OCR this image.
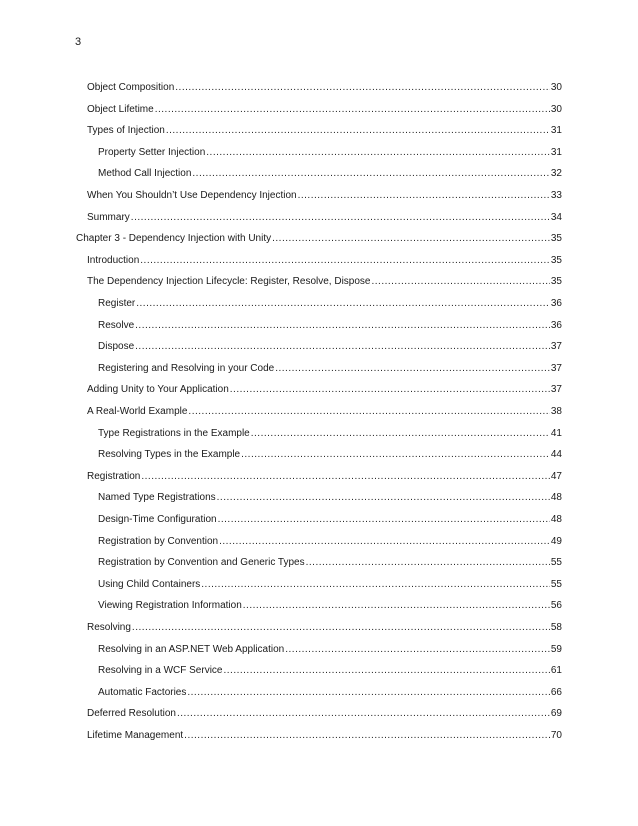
3
Object Composition .....	30
Object Lifetime .....	30
Types of Injection .....	31
Property Setter Injection .....	31
Method Call Injection .....	32
When You Shouldn’t Use Dependency Injection .....	33
Summary .....	34
Chapter 3 - Dependency Injection with Unity .....	35
Introduction .....	35
The Dependency Injection Lifecycle: Register, Resolve, Dispose .....	35
Register .....	36
Resolve .....	36
Dispose .....	37
Registering and Resolving in your Code .....	37
Adding Unity to Your Application .....	37
A Real-World Example .....	38
Type Registrations in the Example .....	41
Resolving Types in the Example .....	44
Registration .....	47
Named Type Registrations .....	48
Design-Time Configuration .....	48
Registration by Convention .....	49
Registration by Convention and Generic Types .....	55
Using Child Containers .....	55
Viewing Registration Information .....	56
Resolving .....	58
Resolving in an ASP.NET Web Application .....	59
Resolving in a WCF Service .....	61
Automatic Factories .....	66
Deferred Resolution .....	69
Lifetime Management .....	70
